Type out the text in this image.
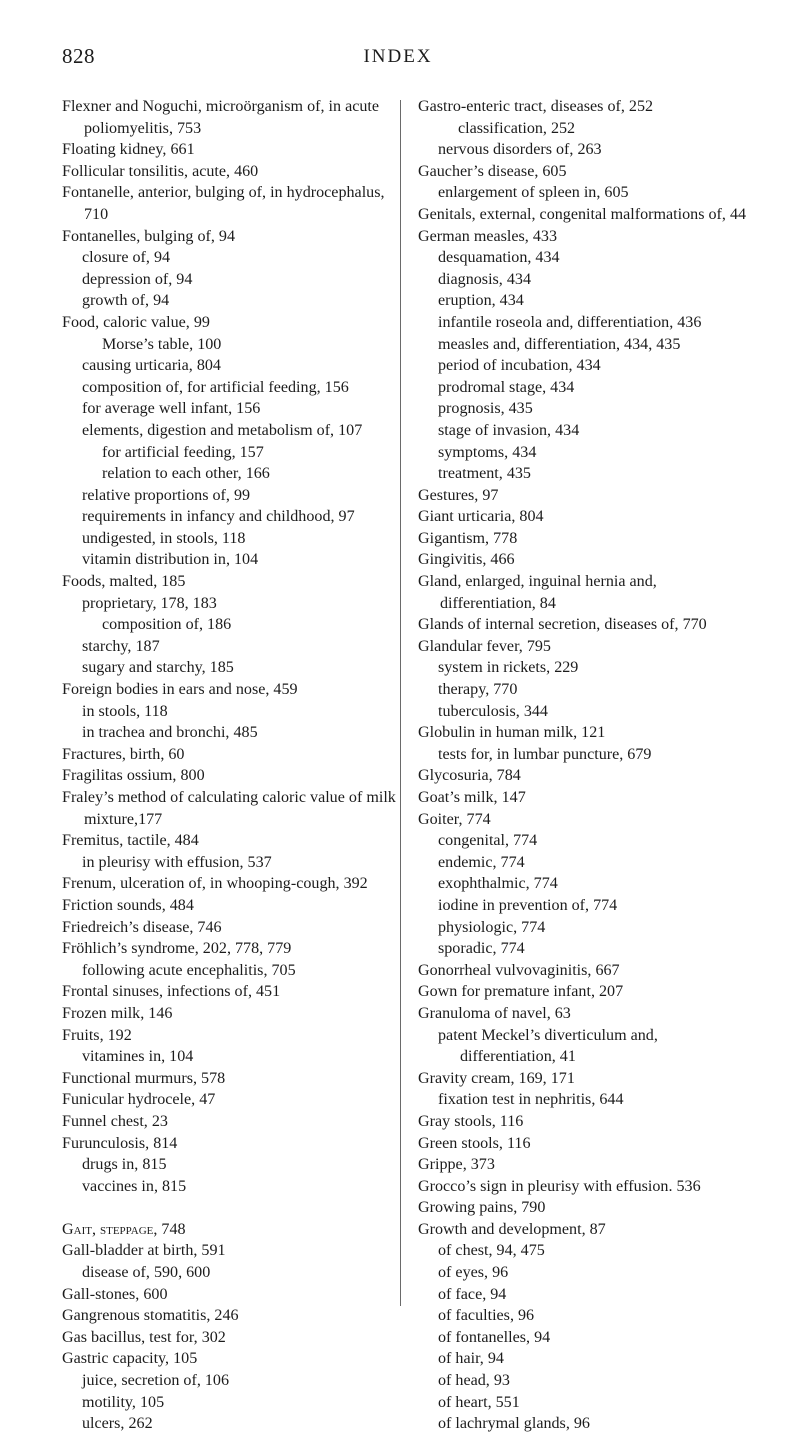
828	INDEX
Flexner and Noguchi, microörganism of, in acute poliomyelitis, 753
Floating kidney, 661
Follicular tonsilitis, acute, 460
Fontanelle, anterior, bulging of, in hydrocephalus, 710
Fontanelles, bulging of, 94
closure of, 94
depression of, 94
growth of, 94
Food, caloric value, 99
Morse’s table, 100
causing urticaria, 804
composition of, for artificial feeding, 156
for average well infant, 156
elements, digestion and metabolism of, 107
for artificial feeding, 157
relation to each other, 166
relative proportions of, 99
requirements in infancy and childhood, 97
undigested, in stools, 118
vitamin distribution in, 104
Foods, malted, 185
proprietary, 178, 183
composition of, 186
starchy, 187
sugary and starchy, 185
Foreign bodies in ears and nose, 459
in stools, 118
in trachea and bronchi, 485
Fractures, birth, 60
Fragilitas ossium, 800
Fraley’s method of calculating caloric value of milk mixture,177
Fremitus, tactile, 484
in pleurisy with effusion, 537
Frenum, ulceration of, in whooping-cough, 392
Friction sounds, 484
Friedreich’s disease, 746
Fröhlich’s syndrome, 202, 778, 779
following acute encephalitis, 705
Frontal sinuses, infections of, 451
Frozen milk, 146
Fruits, 192
vitamines in, 104
Functional murmurs, 578
Funicular hydrocele, 47
Funnel chest, 23
Furunculosis, 814
drugs in, 815
vaccines in, 815
Gait, steppage, 748
Gall-bladder at birth, 591
disease of, 590, 600
Gall-stones, 600
Gangrenous stomatitis, 246
Gas bacillus, test for, 302
Gastric capacity, 105
juice, secretion of, 106
motility, 105
ulcers, 262
Gastro-enteric tract, diseases of, 252
classification, 252
nervous disorders of, 263
Gaucher’s disease, 605
enlargement of spleen in, 605
Genitals, external, congenital malformations of, 44
German measles, 433
desquamation, 434
diagnosis, 434
eruption, 434
infantile roseola and, differentiation, 436
measles and, differentiation, 434, 435
period of incubation, 434
prodromal stage, 434
prognosis, 435
stage of invasion, 434
symptoms, 434
treatment, 435
Gestures, 97
Giant urticaria, 804
Gigantism, 778
Gingivitis, 466
Gland, enlarged, inguinal hernia and, differentiation, 84
Glands of internal secretion, diseases of, 770
Glandular fever, 795
system in rickets, 229
therapy, 770
tuberculosis, 344
Globulin in human milk, 121
tests for, in lumbar puncture, 679
Glycosuria, 784
Goat’s milk, 147
Goiter, 774
congenital, 774
endemic, 774
exophthalmic, 774
iodine in prevention of, 774
physiologic, 774
sporadic, 774
Gonorrheal vulvovaginitis, 667
Gown for premature infant, 207
Granuloma of navel, 63
patent Meckel’s diverticulum and, differentiation, 41
Gravity cream, 169, 171
fixation test in nephritis, 644
Gray stools, 116
Green stools, 116
Grippe, 373
Grocco’s sign in pleurisy with effusion. 536
Growing pains, 790
Growth and development, 87
of chest, 94, 475
of eyes, 96
of face, 94
of faculties, 96
of fontanelles, 94
of hair, 94
of head, 93
of heart, 551
of lachrymal glands, 96
